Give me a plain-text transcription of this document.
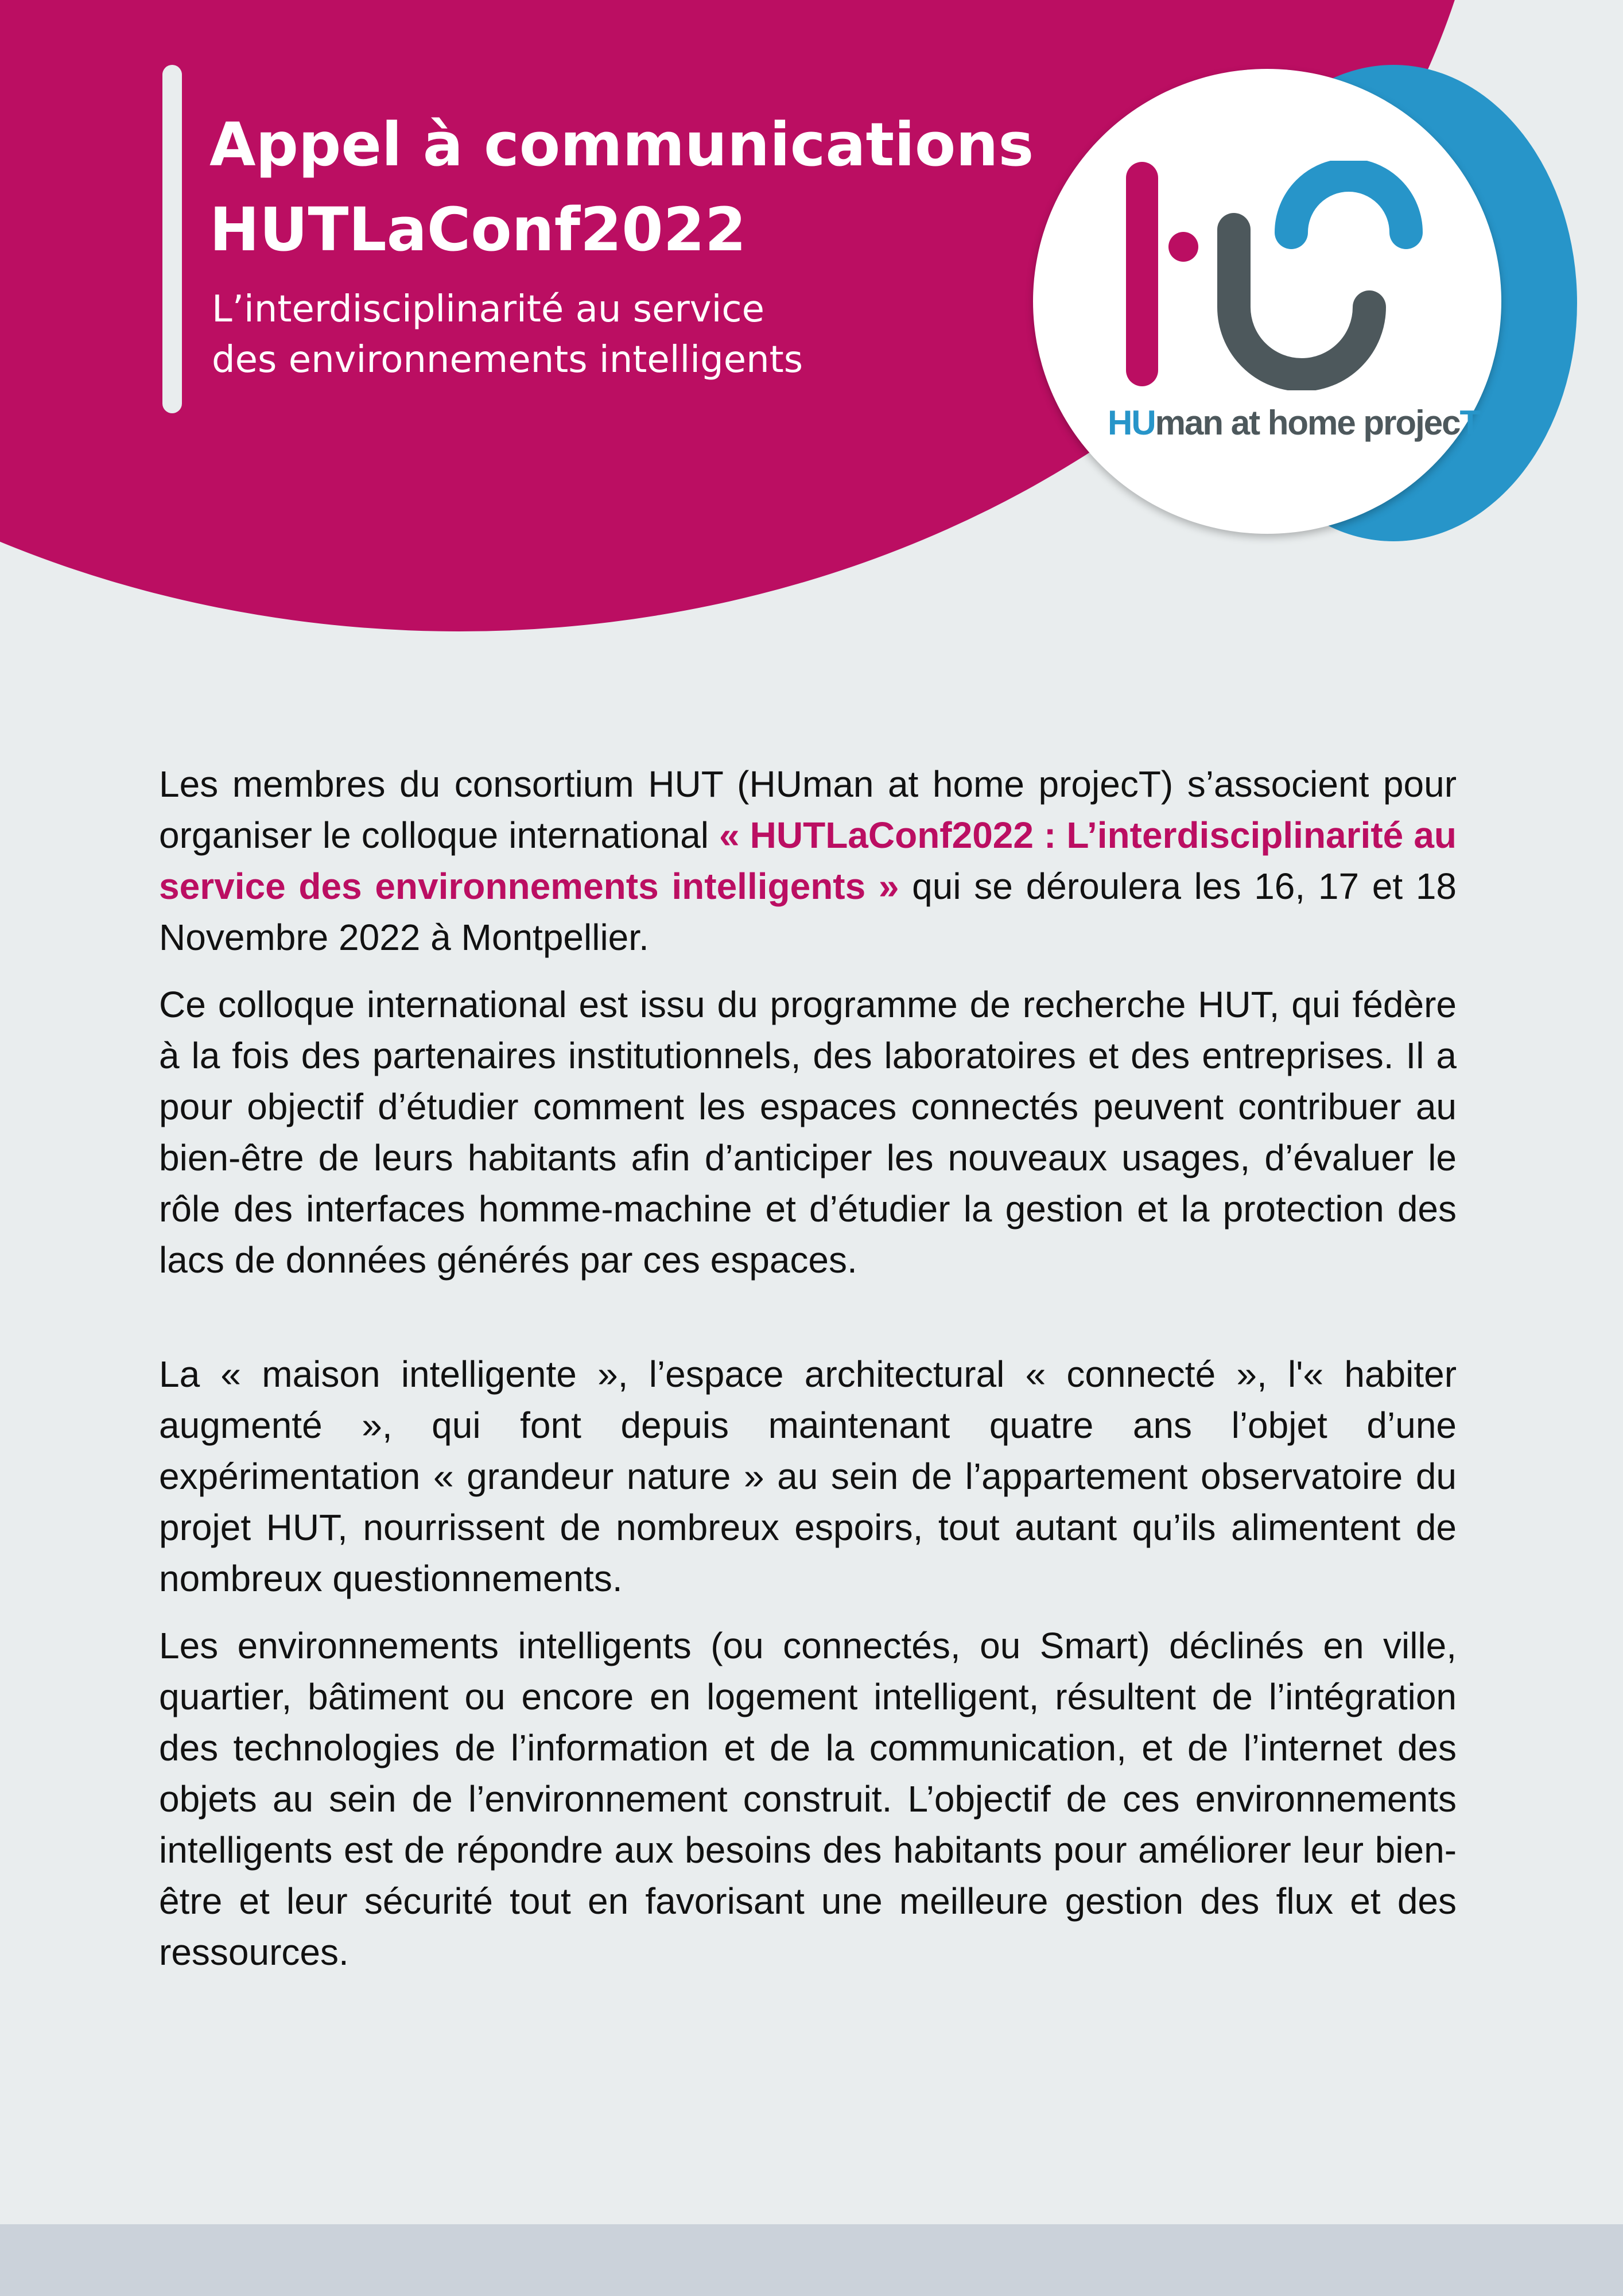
Appel à communications
HUTLaConf2022
L’interdisciplinarité au service
des environnements intelligents
HUman at home projecT

Les membres du consortium HUT (HUman at home projecT) s’associent pour organiser le colloque international « HUTLaConf2022 : L’interdisciplinarité au service des environnements intelligents » qui se déroulera les 16, 17 et 18 Novembre 2022 à Montpellier.

Ce colloque international est issu du programme de recherche HUT, qui fédère à la fois des partenaires institutionnels, des laboratoires et des entreprises. Il a pour objectif d’étudier comment les espaces connectés peuvent contribuer au bien-être de leurs habitants afin d’anticiper les nouveaux usages, d’évaluer le rôle des interfaces homme-machine et d’étudier la gestion et la protection des lacs de données générés par ces espaces.

La « maison intelligente », l’espace architectural « connecté », l'« habiter augmenté », qui font depuis maintenant quatre ans l’objet d’une expérimentation « grandeur nature » au sein de l’appartement observatoire du projet HUT, nourrissent de nombreux espoirs, tout autant qu’ils alimentent de nombreux questionnements.

Les environnements intelligents (ou connectés, ou Smart) déclinés en ville, quartier, bâtiment ou encore en logement intelligent, résultent de l’intégration des technologies de l’information et de la communication, et de l’internet des objets au sein de l’environnement construit. L’objectif de ces environnements intelligents est de répondre aux besoins des habitants pour améliorer leur bien-être et leur sécurité tout en favorisant une meilleure gestion des flux et des ressources.
